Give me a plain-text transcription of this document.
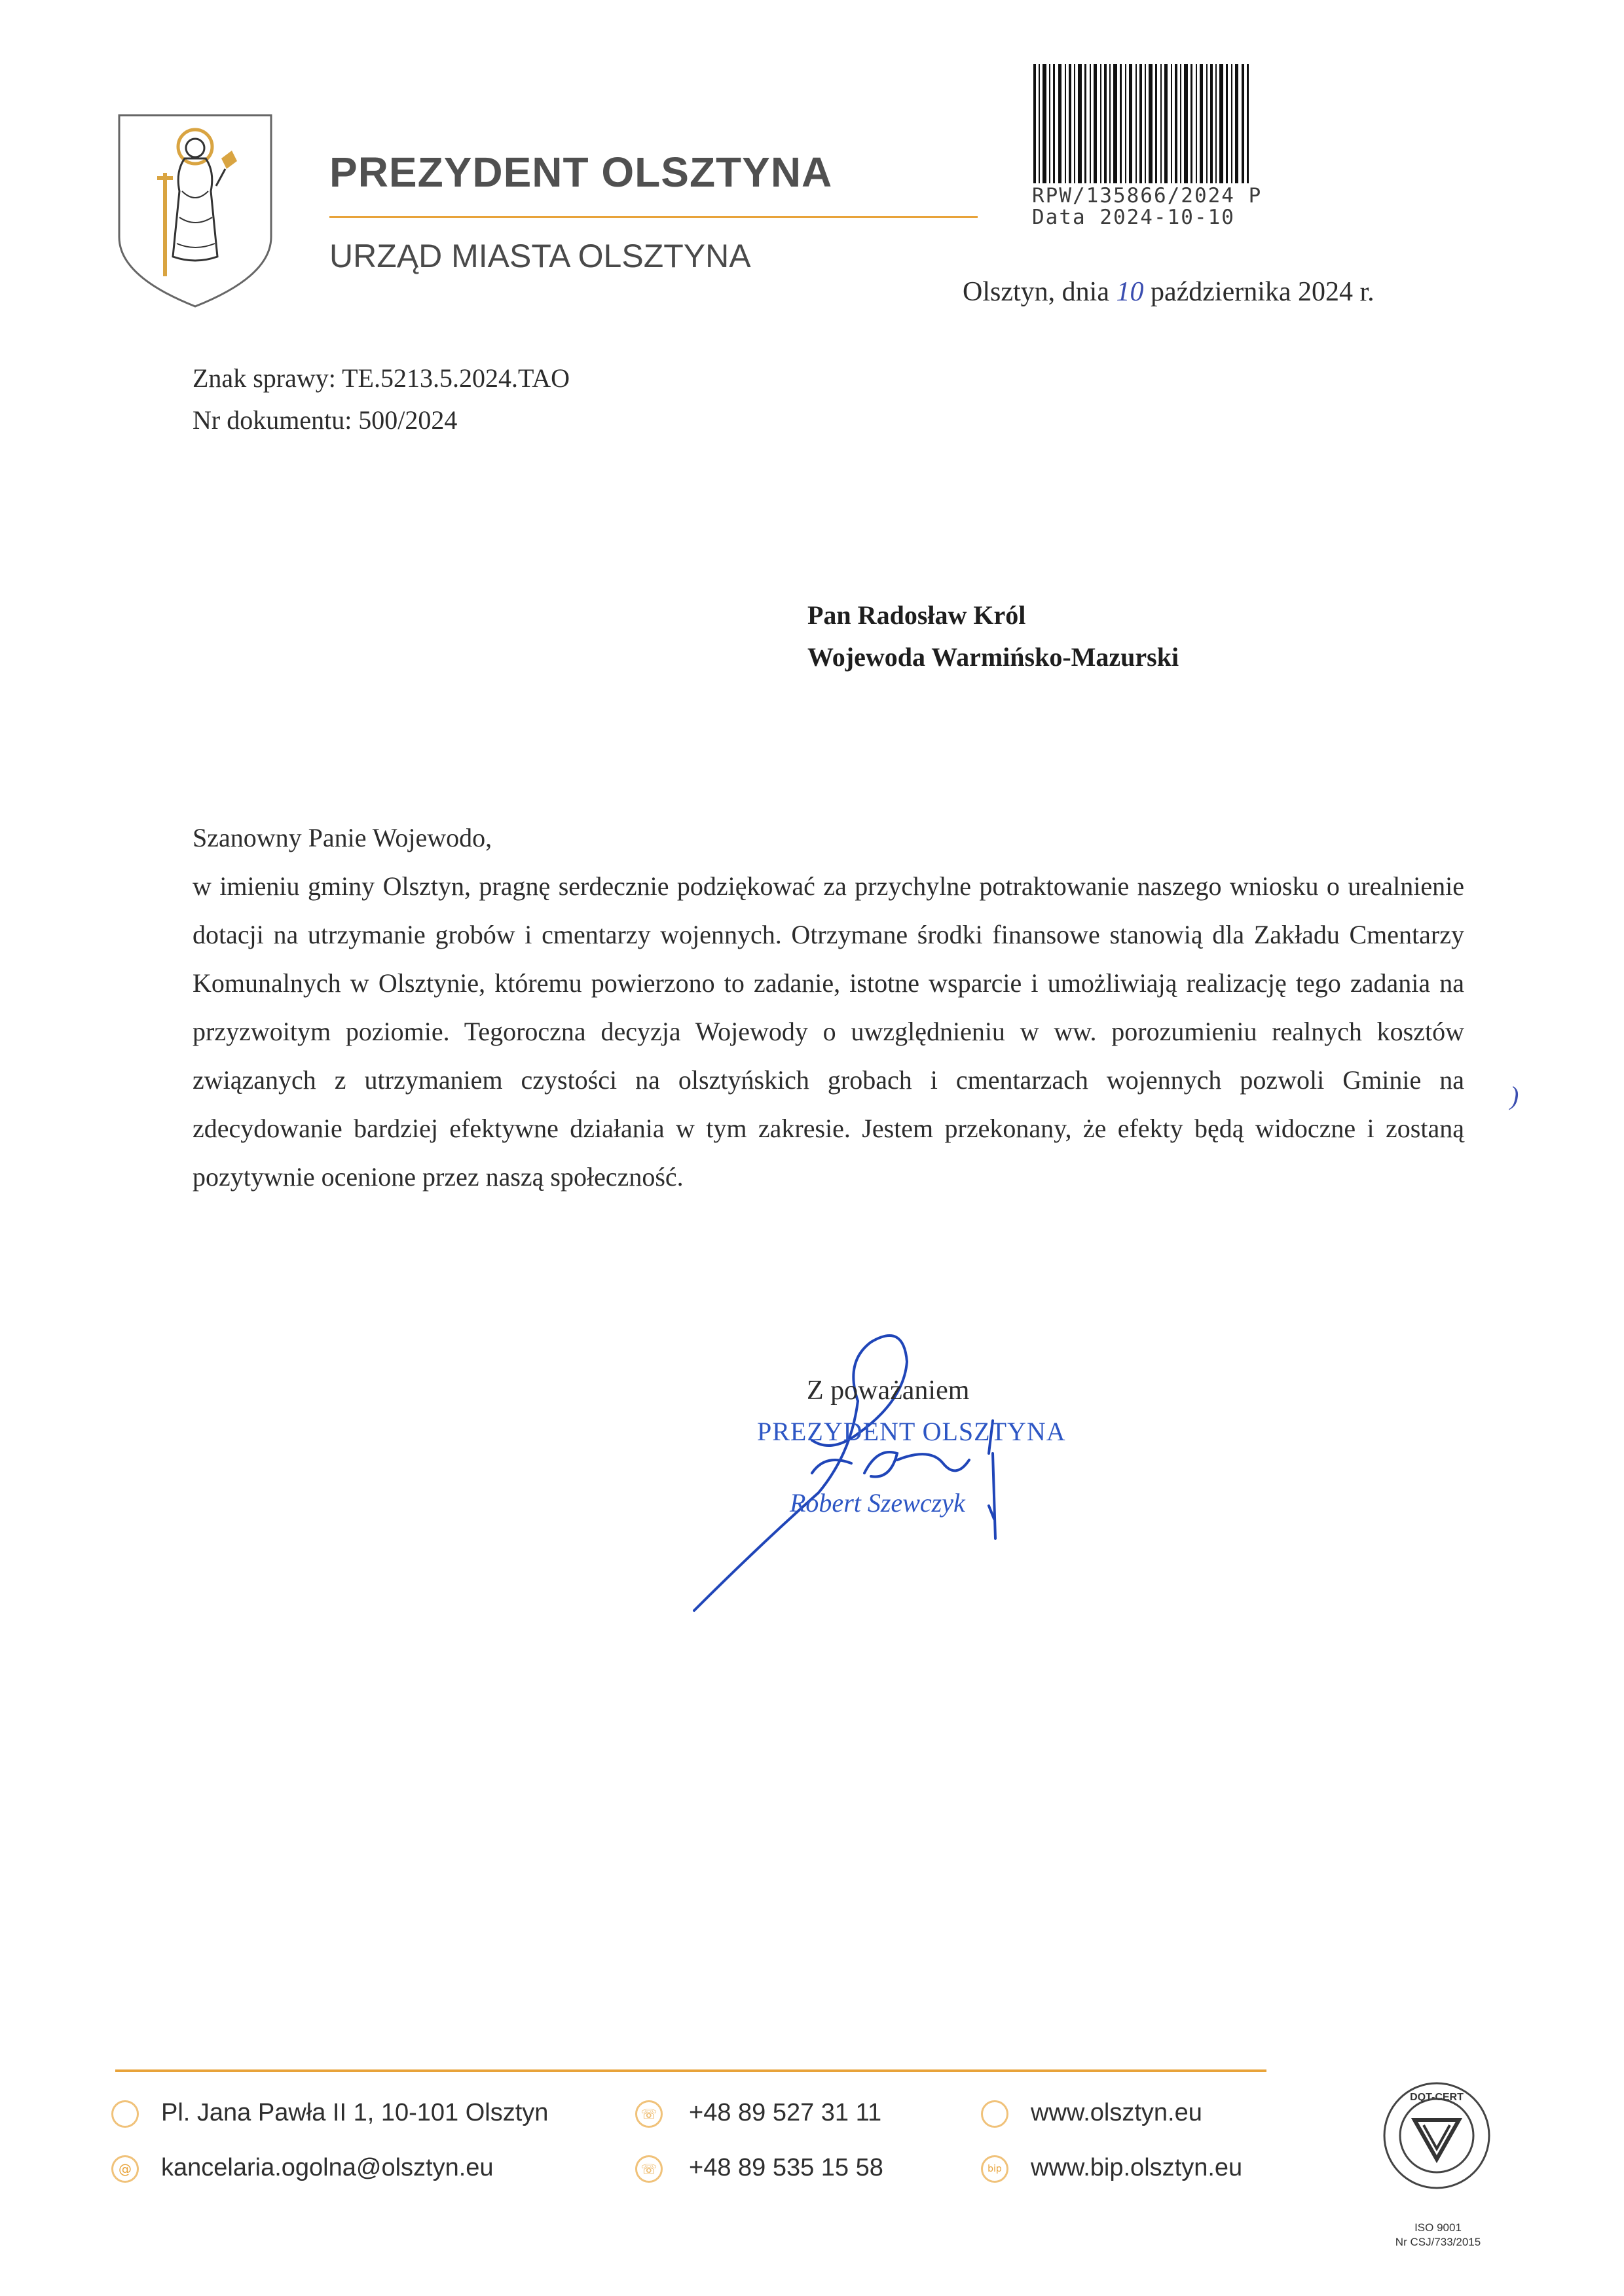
PREZYDENT OLSZTYNA
URZĄD MIASTA OLSZTYNA
RPW/135866/2024 P
Data 2024-10-10
Olsztyn, dnia 10 października 2024 r.
Znak sprawy: TE.5213.5.2024.TAO
Nr dokumentu: 500/2024
Pan Radosław Król
Wojewoda Warmińsko-Mazurski

Szanowny Panie Wojewodo,

w imieniu gminy Olsztyn, pragnę serdecznie podziękować za przychylne potraktowanie naszego wniosku o urealnienie dotacji na utrzymanie grobów i cmentarzy wojennych. Otrzymane środki finansowe stanowią dla Zakładu Cmentarzy Komunalnych w Olsztynie, któremu powierzono to zadanie, istotne wsparcie i umożliwiają realizację tego zadania na przyzwoitym poziomie. Tegoroczna decyzja Wojewody o uwzględnieniu w ww. porozumieniu realnych kosztów związanych z utrzymaniem czystości na olsztyńskich grobach i cmentarzach wojennych pozwoli Gminie na zdecydowanie bardziej efektywne działania w tym zakresie. Jestem przekonany, że efekty będą widoczne i zostaną pozytywnie ocenione przez naszą społeczność.

)
Z poważaniem
PREZYDENT OLSZTYNA
Robert Szewczyk
Pl. Jana Pawła II 1, 10-101 Olsztyn
@ kancelaria.ogolna@olsztyn.eu
☏ +48 89 527 31 11
☏ +48 89 535 15 58
www.olsztyn.eu
bip www.bip.olsztyn.eu
DQT-CERT
ISO 9001
Nr CSJ/733/2015
